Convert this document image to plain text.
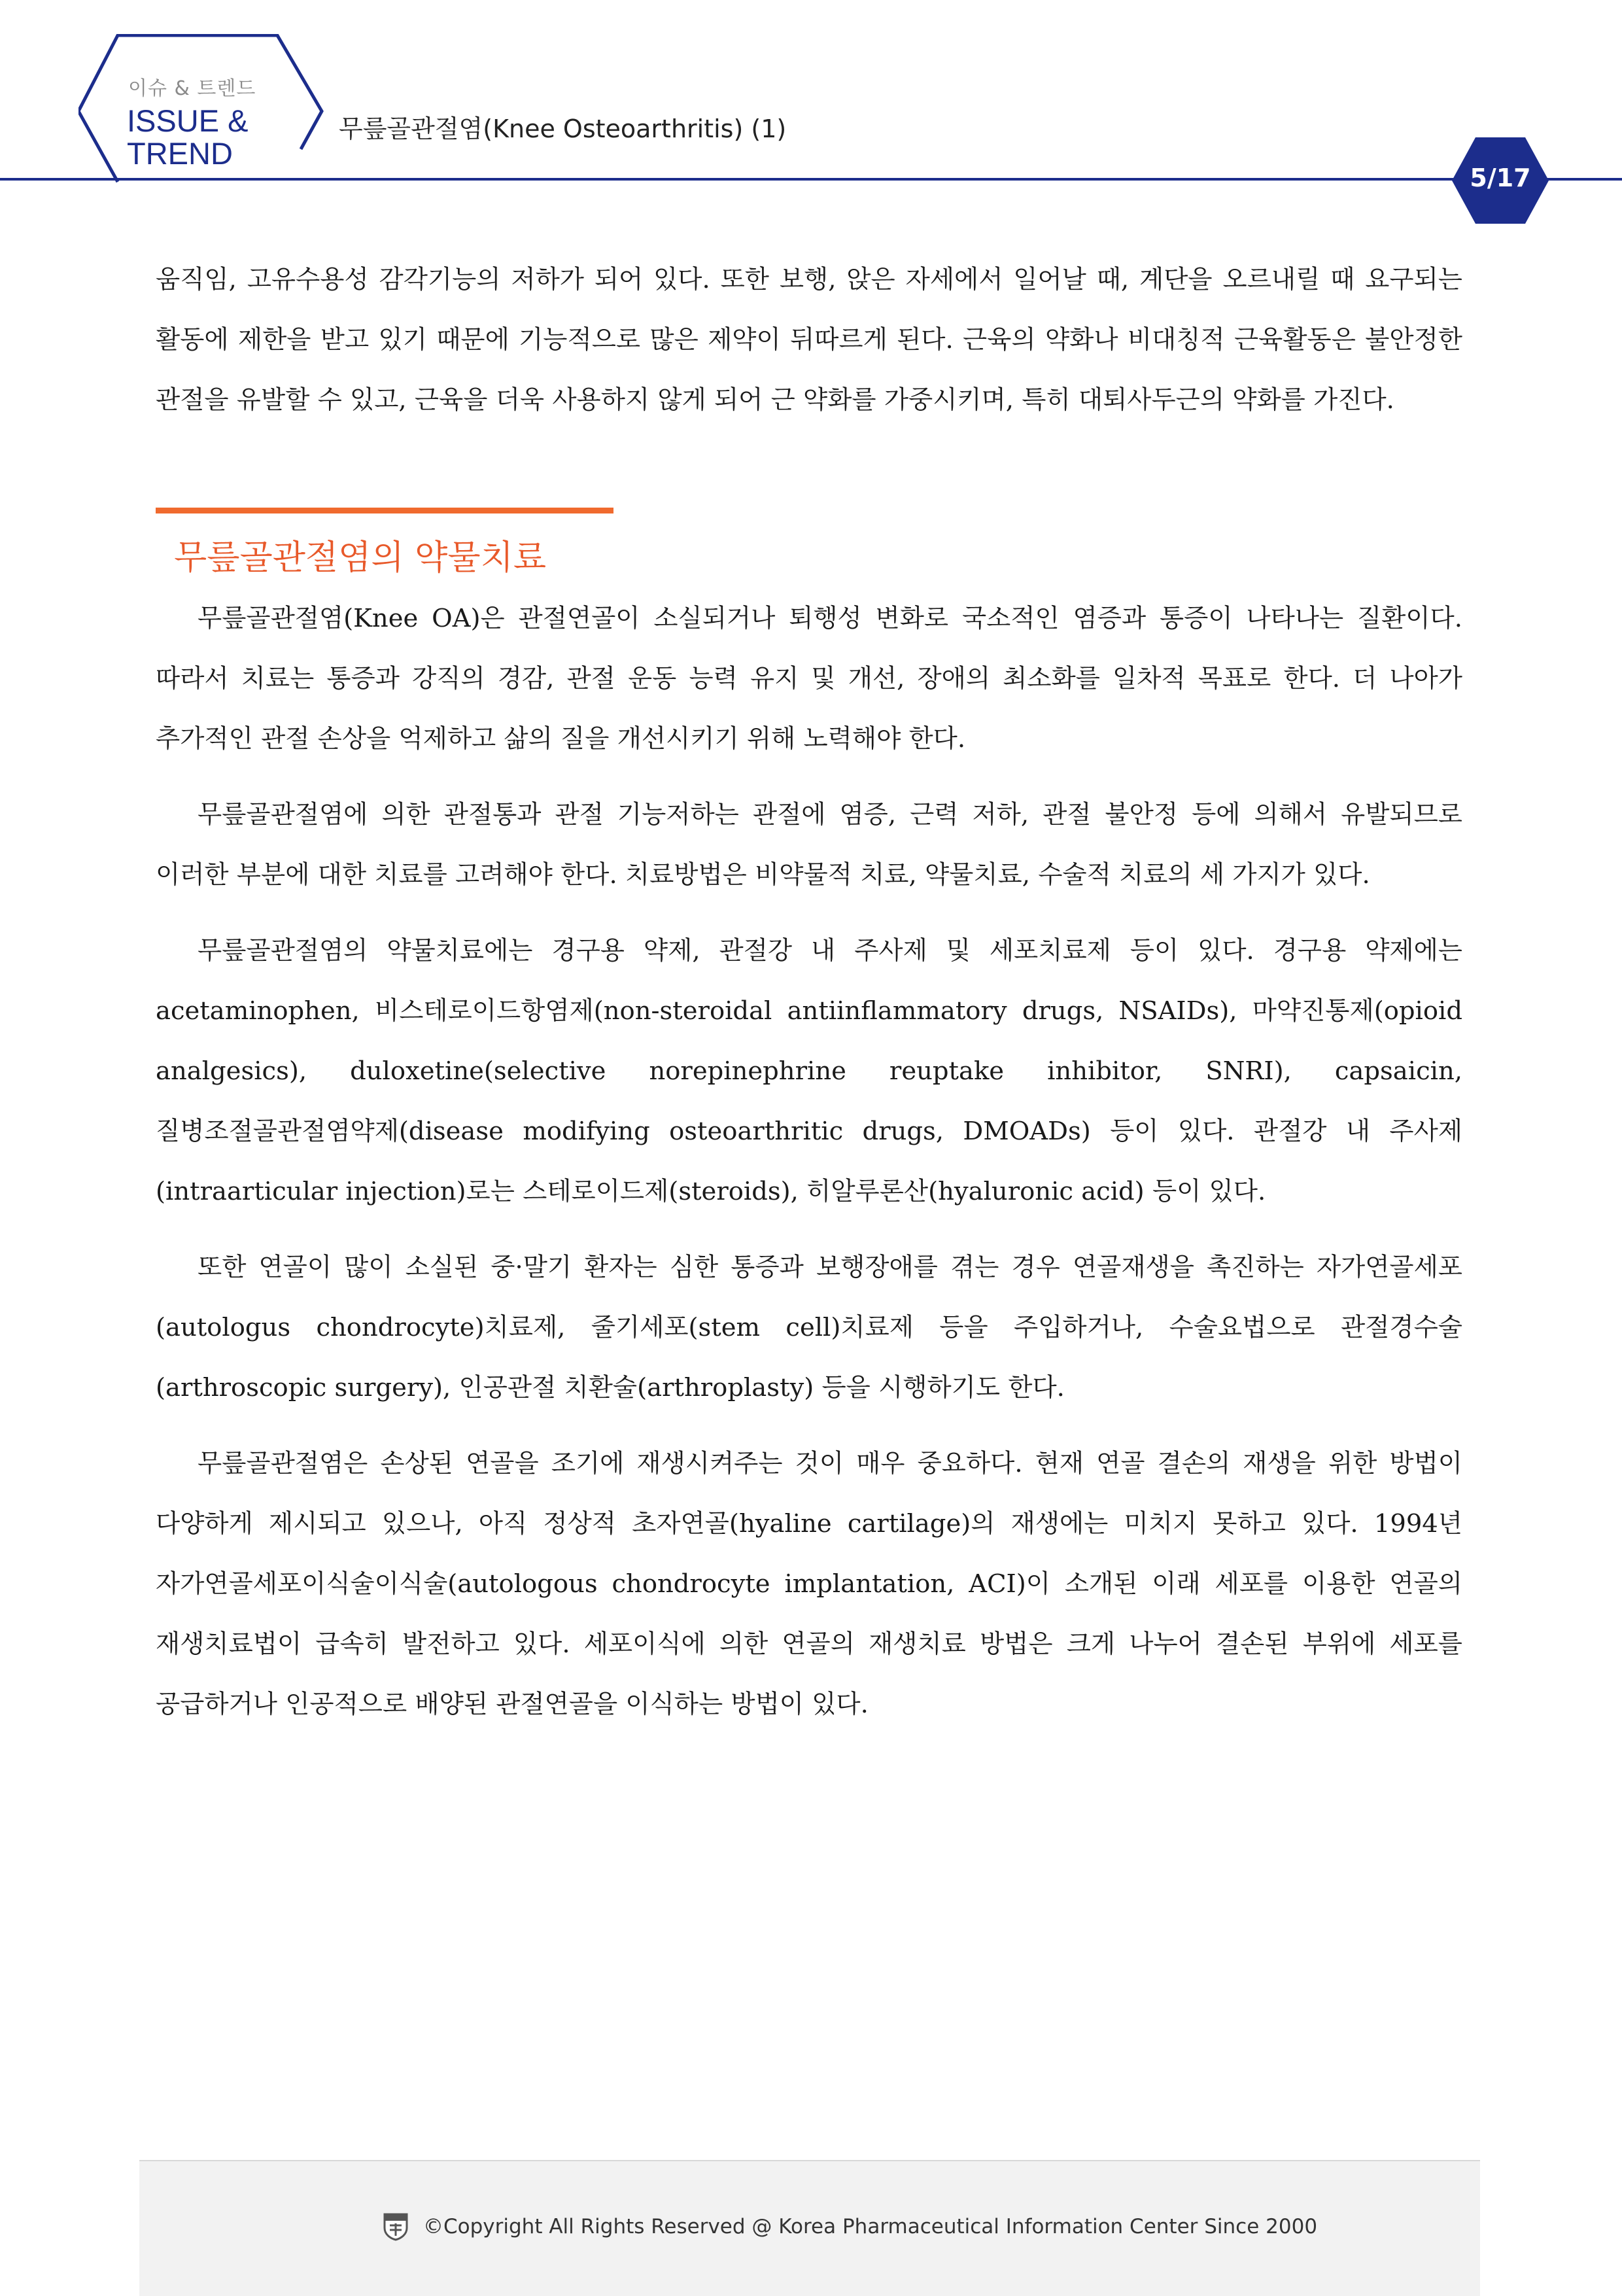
이슈 & 트렌드
ISSUE &
TREND
무릎골관절염(Knee Osteoarthritis) (1)
5/17

움직임, 고유수용성 감각기능의 저하가 되어 있다. 또한 보행, 앉은 자세에서 일어날 때, 계단을 오르내릴 때 요구되는 활동에 제한을 받고 있기 때문에 기능적으로 많은 제약이 뒤따르게 된다. 근육의 약화나 비대칭적 근육활동은 불안정한 관절을 유발할 수 있고, 근육을 더욱 사용하지 않게 되어 근 약화를 가중시키며, 특히 대퇴사두근의 약화를 가진다.

무릎골관절염의 약물치료

무릎골관절염(Knee OA)은 관절연골이 소실되거나 퇴행성 변화로 국소적인 염증과 통증이 나타나는 질환이다. 따라서 치료는 통증과 강직의 경감, 관절 운동 능력 유지 및 개선, 장애의 최소화를 일차적 목표로 한다. 더 나아가 추가적인 관절 손상을 억제하고 삶의 질을 개선시키기 위해 노력해야 한다.

무릎골관절염에 의한 관절통과 관절 기능저하는 관절에 염증, 근력 저하, 관절 불안정 등에 의해서 유발되므로 이러한 부분에 대한 치료를 고려해야 한다. 치료방법은 비약물적 치료, 약물치료, 수술적 치료의 세 가지가 있다.

무릎골관절염의 약물치료에는 경구용 약제, 관절강 내 주사제 및 세포치료제 등이 있다. 경구용 약제에는 acetaminophen, 비스테로이드항염제(non-steroidal antiinflammatory drugs, NSAIDs), 마약진통제(opioid analgesics), duloxetine(selective norepinephrine reuptake inhibitor, SNRI), capsaicin, 질병조절골관절염약제(disease modifying osteoarthritic drugs, DMOADs) 등이 있다. 관절강 내 주사제(intraarticular injection)로는 스테로이드제(steroids), 히알루론산(hyaluronic acid) 등이 있다.

또한 연골이 많이 소실된 중·말기 환자는 심한 통증과 보행장애를 겪는 경우 연골재생을 촉진하는 자가연골세포(autologus chondrocyte)치료제, 줄기세포(stem cell)치료제 등을 주입하거나, 수술요법으로 관절경수술(arthroscopic surgery), 인공관절 치환술(arthroplasty) 등을 시행하기도 한다.

무릎골관절염은 손상된 연골을 조기에 재생시켜주는 것이 매우 중요하다. 현재 연골 결손의 재생을 위한 방법이 다양하게 제시되고 있으나, 아직 정상적 초자연골(hyaline cartilage)의 재생에는 미치지 못하고 있다. 1994년 자가연골세포이식술이식술(autologous chondrocyte implantation, ACI)이 소개된 이래 세포를 이용한 연골의 재생치료법이 급속히 발전하고 있다. 세포이식에 의한 연골의 재생치료 방법은 크게 나누어 결손된 부위에 세포를 공급하거나 인공적으로 배양된 관절연골을 이식하는 방법이 있다.

©Copyright All Rights Reserved @ Korea Pharmaceutical Information Center Since 2000
